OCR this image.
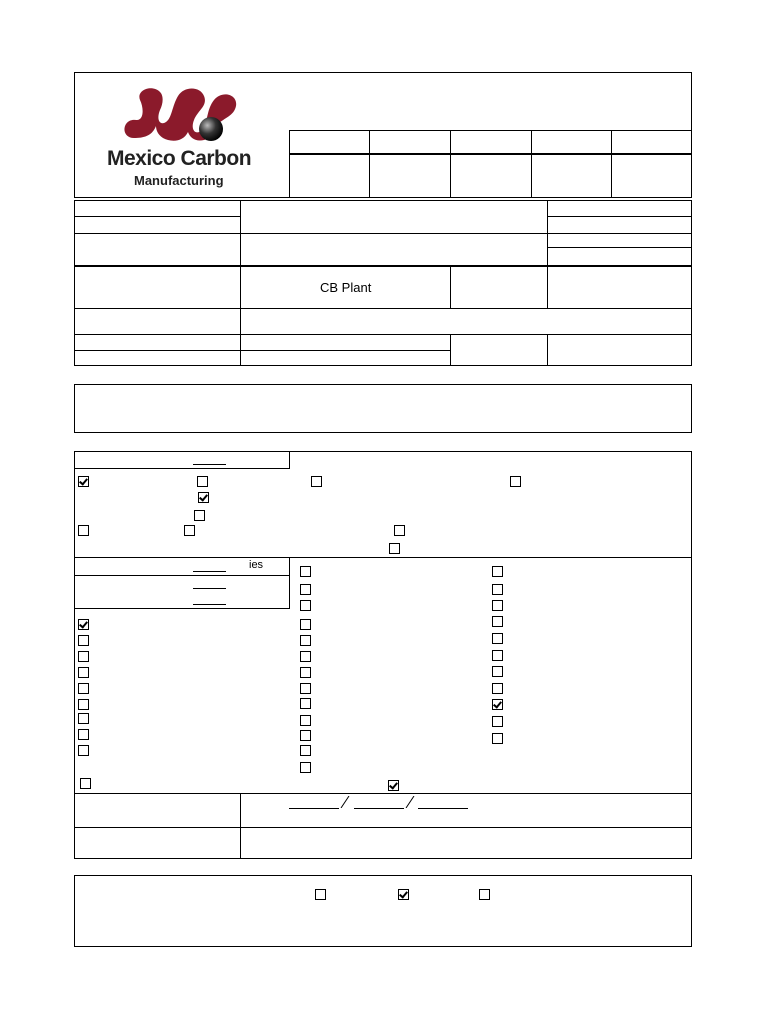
Mexico Carbon
Manufacturing
CB Plant
ies
